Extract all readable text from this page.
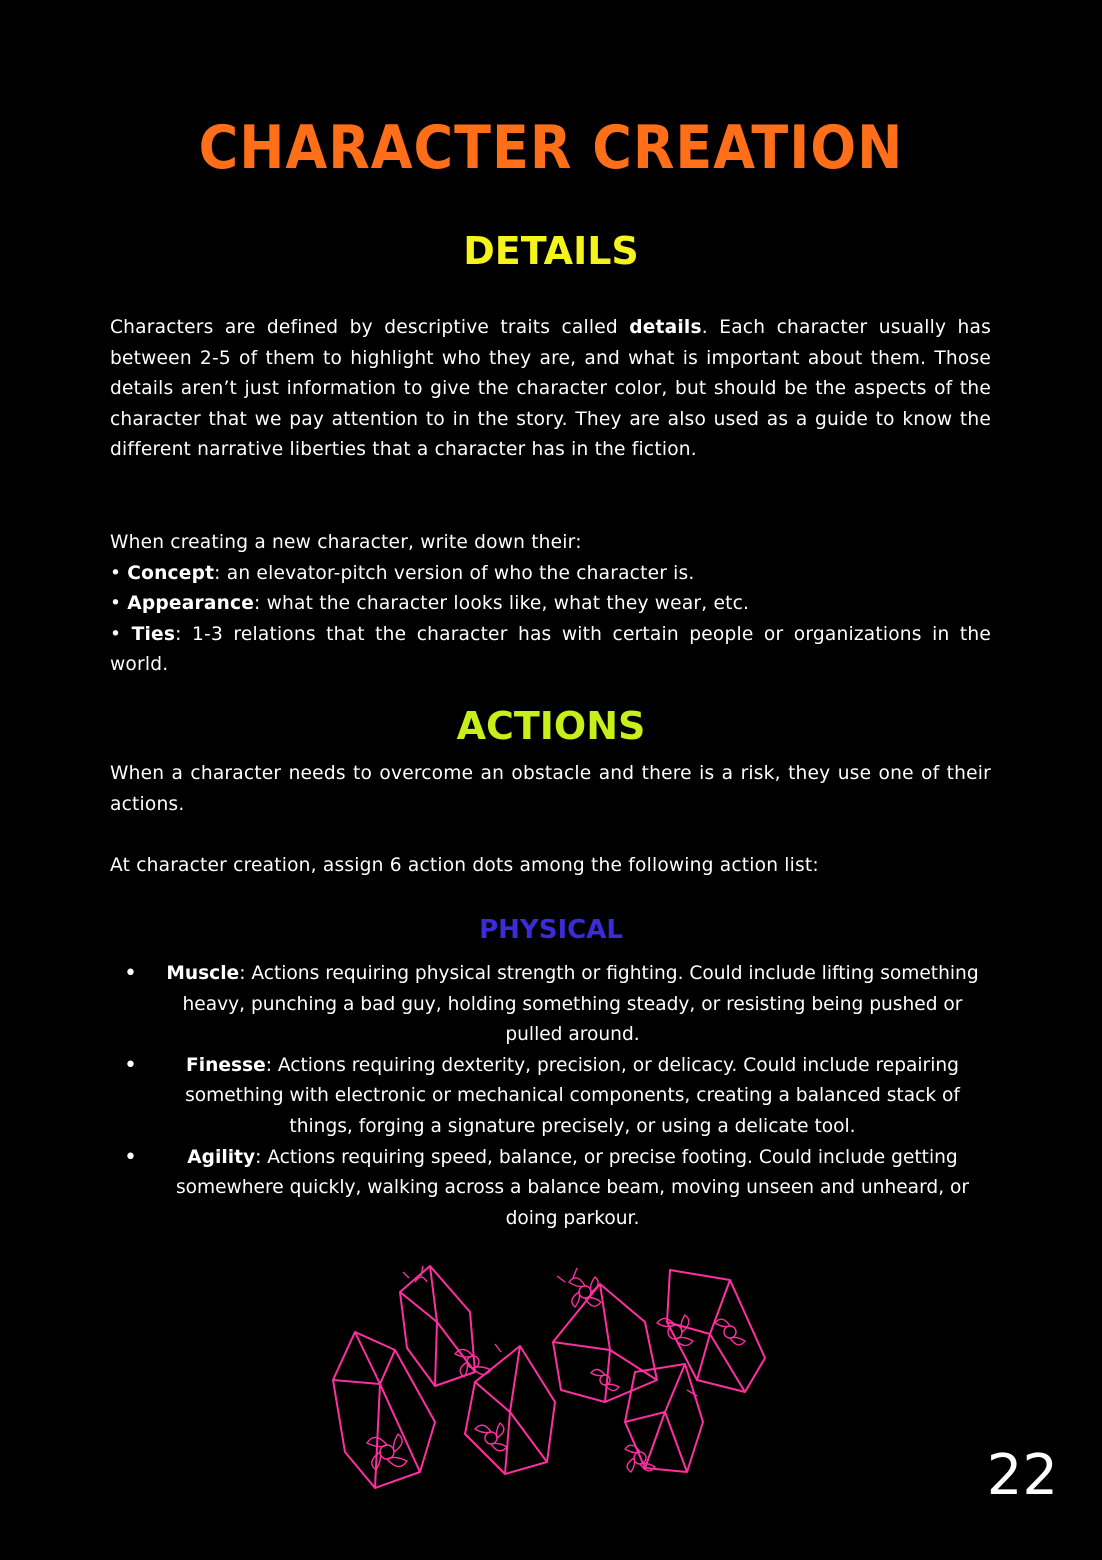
CHARACTER CREATION
DETAILS

Characters are defined by descriptive traits called details. Each character usually has between 2-5 of them to highlight who they are, and what is important about them. Those details aren’t just information to give the character color, but should be the aspects of the character that we pay attention to in the story. They are also used as a guide to know the different narrative liberties that a character has in the fiction.

When creating a new character, write down their:
• Concept: an elevator-pitch version of who the character is.
• Appearance: what the character looks like, what they wear, etc.
• Ties: 1-3 relations that the character has with certain people or organizations in the world.

ACTIONS

When a character needs to overcome an obstacle and there is a risk, they use one of their actions.

At character creation, assign 6 action dots among the following action list:

PHYSICAL
• Muscle: Actions requiring physical strength or fighting. Could include lifting something heavy, punching a bad guy, holding something steady, or resisting being pushed or pulled around.
•	Finesse: Actions requiring dexterity, precision, or delicacy. Could include repairing something with electronic or mechanical components, creating a balanced stack of things, forging a signature precisely, or using a delicate tool.
•	Agility: Actions requiring speed, balance, or precise footing. Could include getting somewhere quickly, walking across a balance beam, moving unseen and unheard, or doing parkour.
22
